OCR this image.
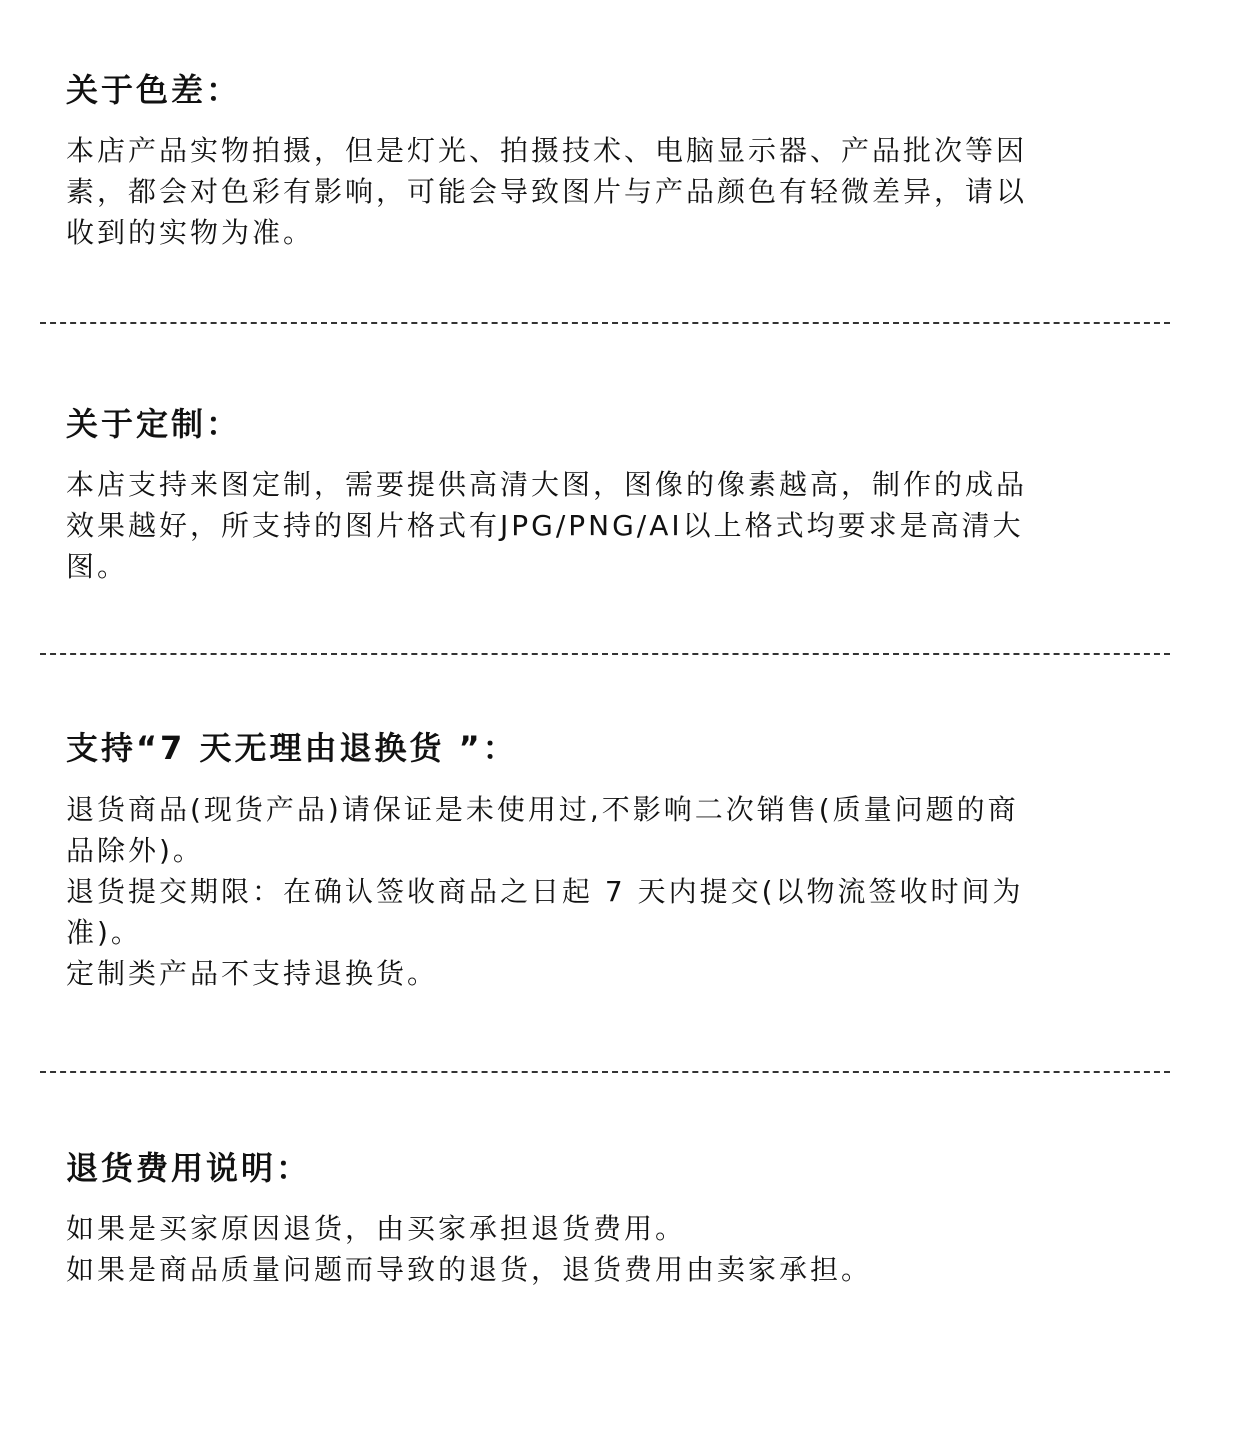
关于色差：
本店产品实物拍摄，但是灯光、拍摄技术、电脑显示器、产品批次等因
素，都会对色彩有影响，可能会导致图片与产品颜色有轻微差异，请以
收到的实物为准。
关于定制：
本店支持来图定制，需要提供高清大图，图像的像素越高，制作的成品
效果越好，所支持的图片格式有JPG/PNG/AI以上格式均要求是高清大
图。
支持“7 天无理由退换货 ”：
退货商品(现货产品)请保证是未使用过,不影响二次销售(质量问题的商
品除外)。
退货提交期限：在确认签收商品之日起 7 天内提交(以物流签收时间为
准)。
定制类产品不支持退换货。
退货费用说明：
如果是买家原因退货，由买家承担退货费用。
如果是商品质量问题而导致的退货，退货费用由卖家承担。
